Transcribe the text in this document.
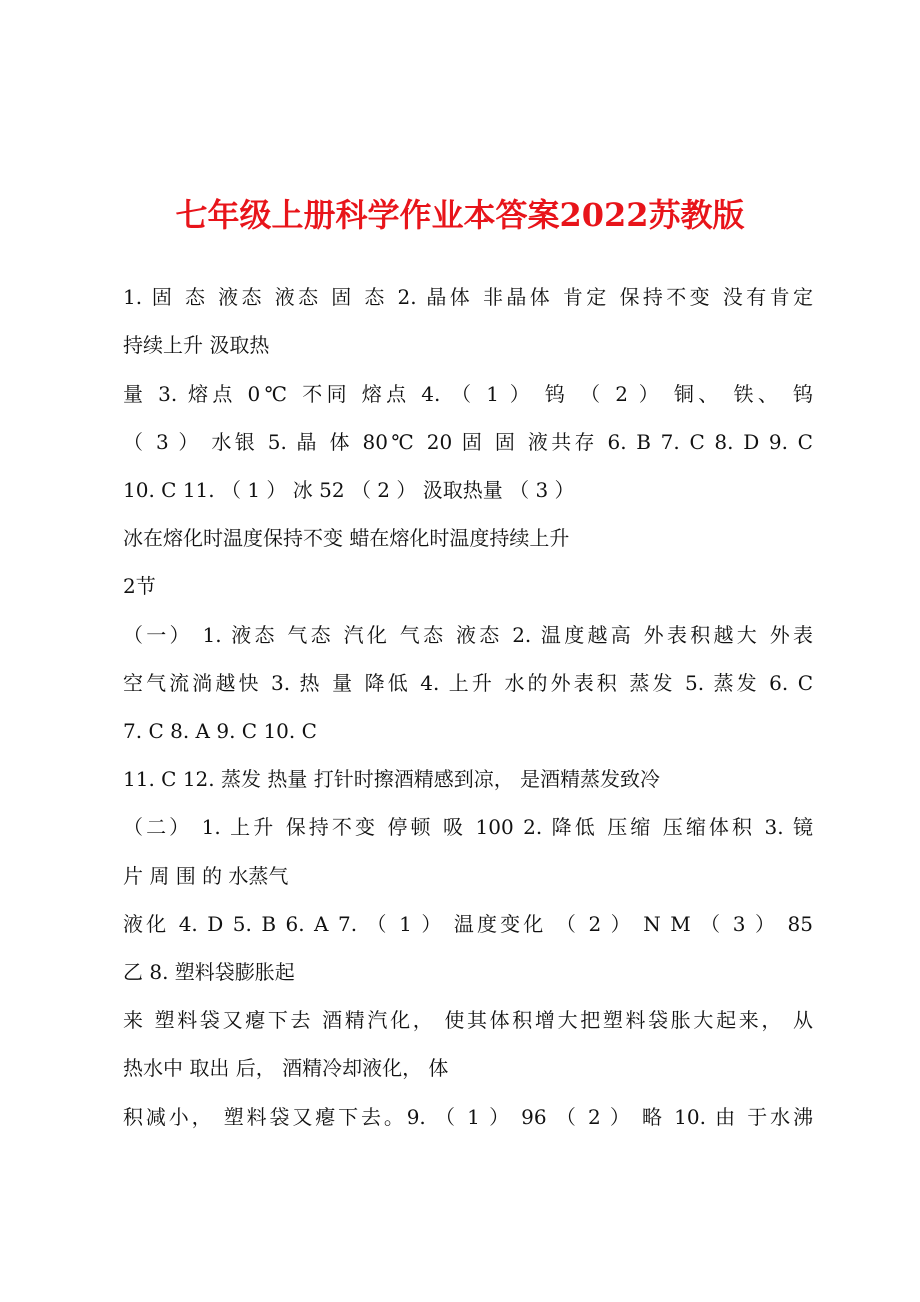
七年级上册科学作业本答案2022苏教版

1. 固 态 液态 液态 固 态 2. 晶体 非晶体 肯定 保持不变 没有肯定

持续上升 汲取热

量 3. 熔点 0℃ 不同 熔点 4. （ 1 ） 钨 （ 2 ） 铜、 铁、 钨

（ 3 ） 水银 5. 晶 体 80℃ 20 固 固 液共存 6. B 7. C 8. D 9. C

10. C 11. （ 1 ） 冰 52 （ 2 ） 汲取热量 （ 3 ）

冰在熔化时温度保持不变 蜡在熔化时温度持续上升

2节

（一） 1. 液态 气态 汽化 气态 液态 2. 温度越高 外表积越大 外表

空气流淌越快 3. 热 量 降低 4. 上升 水的外表积 蒸发 5. 蒸发 6. C

7. C 8. A 9. C 10. C

11. C 12. 蒸发 热量 打针时擦酒精感到凉， 是酒精蒸发致冷

（二） 1. 上升 保持不变 停顿 吸 100 2. 降低 压缩 压缩体积 3. 镜

片 周 围 的 水蒸气

液化 4. D 5. B 6. A 7. （ 1 ） 温度变化 （ 2 ） N M （ 3 ） 85

乙 8. 塑料袋膨胀起

来 塑料袋又瘪下去 酒精汽化， 使其体积增大把塑料袋胀大起来， 从

热水中 取出 后， 酒精冷却液化， 体

积减小， 塑料袋又瘪下去。9. （ 1 ） 96 （ 2 ） 略 10. 由 于水沸
